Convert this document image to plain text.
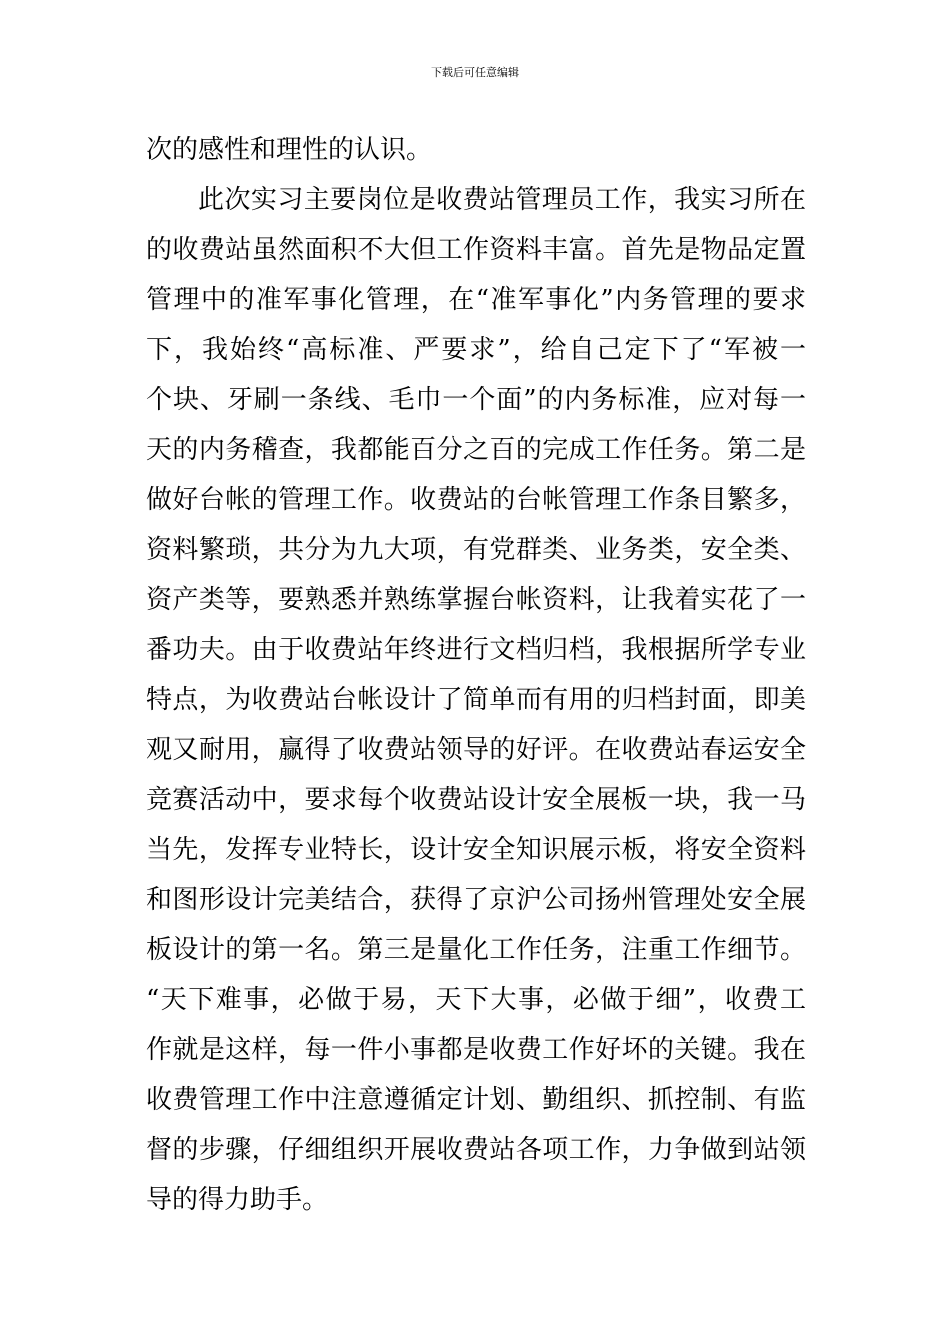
下载后可任意编辑
次的感性和理性的认识。
此次实习主要岗位是收费站管理员工作，我实习所在
的收费站虽然面积不大但工作资料丰富。首先是物品定置
管理中的准军事化管理，在“准军事化”内务管理的要求
下，我始终“高标准、严要求”，给自己定下了“军被一
个块、牙刷一条线、毛巾一个面”的内务标准，应对每一
天的内务稽查，我都能百分之百的完成工作任务。第二是
做好台帐的管理工作。收费站的台帐管理工作条目繁多，
资料繁琐，共分为九大项，有党群类、业务类，安全类、
资产类等，要熟悉并熟练掌握台帐资料，让我着实花了一
番功夫。由于收费站年终进行文档归档，我根据所学专业
特点，为收费站台帐设计了简单而有用的归档封面，即美
观又耐用，赢得了收费站领导的好评。在收费站春运安全
竞赛活动中，要求每个收费站设计安全展板一块，我一马
当先，发挥专业特长，设计安全知识展示板，将安全资料
和图形设计完美结合，获得了京沪公司扬州管理处安全展
板设计的第一名。第三是量化工作任务，注重工作细节。
“天下难事，必做于易，天下大事，必做于细”，收费工
作就是这样，每一件小事都是收费工作好坏的关键。我在
收费管理工作中注意遵循定计划、勤组织、抓控制、有监
督的步骤，仔细组织开展收费站各项工作，力争做到站领
导的得力助手。
